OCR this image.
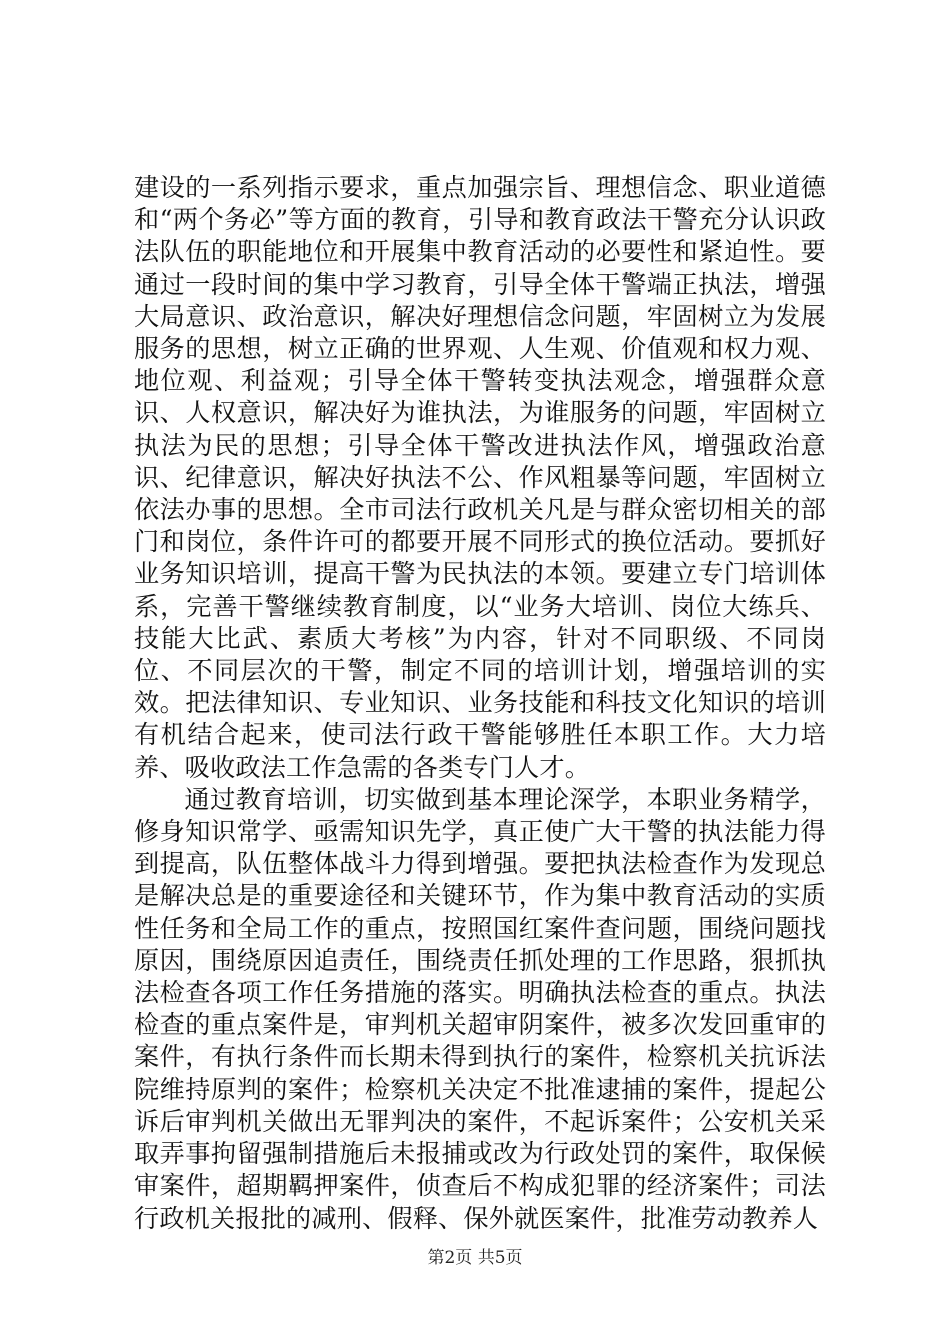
建设的一系列指示要求，重点加强宗旨、理想信念、职业道德和“两个务必”等方面的教育，引导和教育政法干警充分认识政法队伍的职能地位和开展集中教育活动的必要性和紧迫性。要通过一段时间的集中学习教育，引导全体干警端正执法，增强大局意识、政治意识，解决好理想信念问题，牢固树立为发展服务的思想，树立正确的世界观、人生观、价值观和权力观、地位观、利益观；引导全体干警转变执法观念，增强群众意识、人权意识，解决好为谁执法，为谁服务的问题，牢固树立执法为民的思想；引导全体干警改进执法作风，增强政治意识、纪律意识，解决好执法不公、作风粗暴等问题，牢固树立依法办事的思想。全市司法行政机关凡是与群众密切相关的部门和岗位，条件许可的都要开展不同形式的换位活动。要抓好业务知识培训，提高干警为民执法的本领。要建立专门培训体系，完善干警继续教育制度，以“业务大培训、岗位大练兵、技能大比武、素质大考核”为内容，针对不同职级、不同岗位、不同层次的干警，制定不同的培训计划，增强培训的实效。把法律知识、专业知识、业务技能和科技文化知识的培训有机结合起来，使司法行政干警能够胜任本职工作。大力培养、吸收政法工作急需的各类专门人才。

通过教育培训，切实做到基本理论深学，本职业务精学，修身知识常学、亟需知识先学，真正使广大干警的执法能力得到提高，队伍整体战斗力得到增强。要把执法检查作为发现总是解决总是的重要途径和关键环节，作为集中教育活动的实质性任务和全局工作的重点，按照国红案件查问题，围绕问题找原因，围绕原因追责任，围绕责任抓处理的工作思路，狠抓执法检查各项工作任务措施的落实。明确执法检查的重点。执法检查的重点案件是，审判机关超审阴案件，被多次发回重审的案件，有执行条件而长期未得到执行的案件，检察机关抗诉法院维持原判的案件；检察机关决定不批准逮捕的案件，提起公诉后审判机关做出无罪判决的案件，不起诉案件；公安机关采取弄事拘留强制措施后未报捕或改为行政处罚的案件，取保候审案件，超期羁押案件，侦查后不构成犯罪的经济案件；司法行政机关报批的减刑、假释、保外就医案件，批准劳动教养人

第2页 共5页
